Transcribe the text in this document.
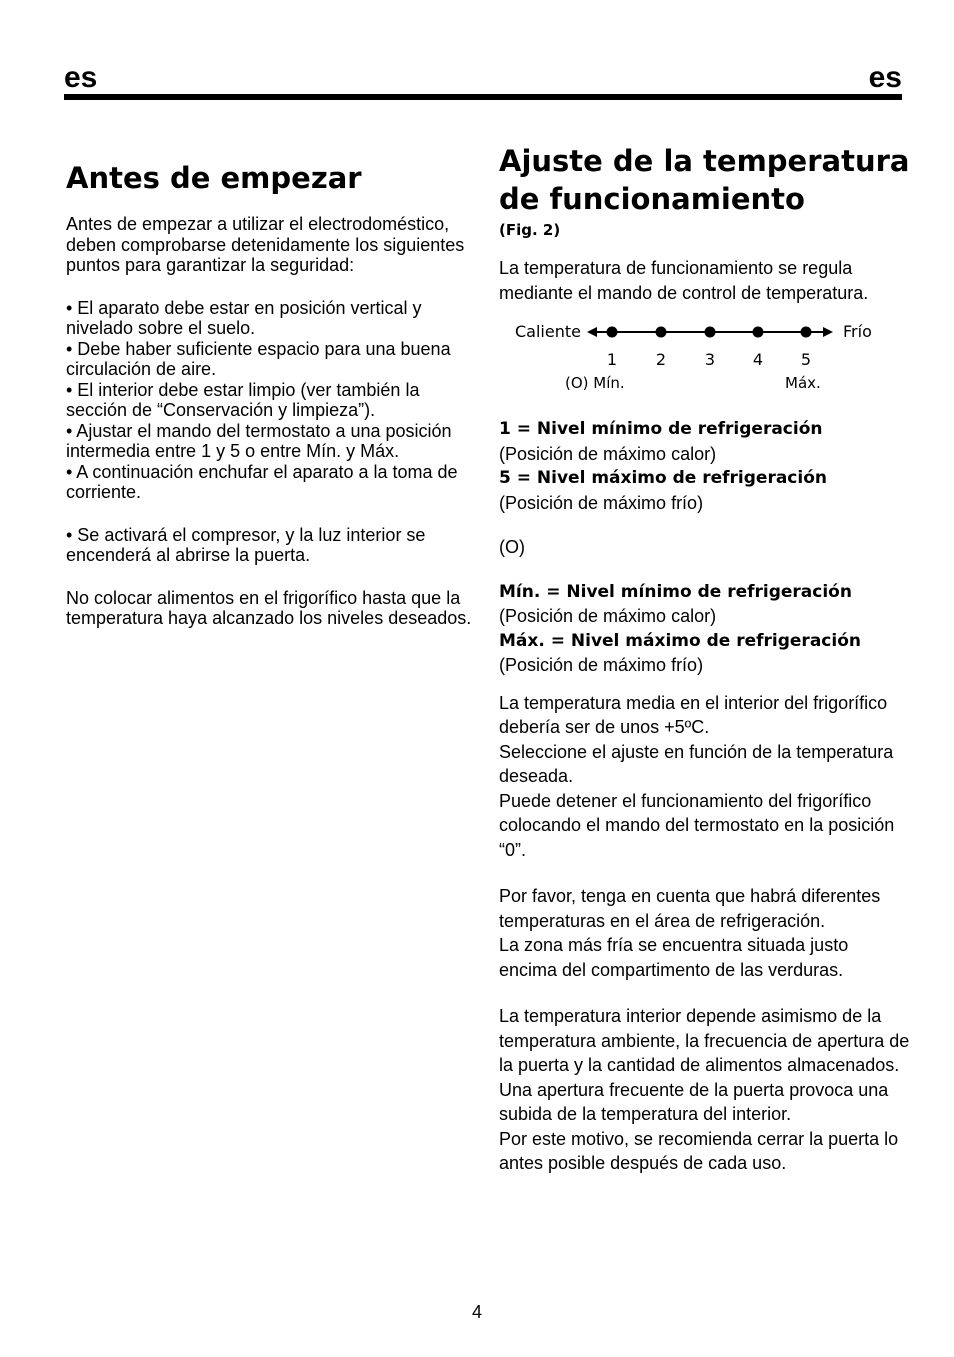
es	es
Antes de empezar

Antes de empezar a utilizar el electrodoméstico, deben comprobarse detenidamente los siguientes puntos para garantizar la seguridad:

• El aparato debe estar en posición vertical y nivelado sobre el suelo.

• Debe haber suficiente espacio para una buena circulación de aire.

• El interior debe estar limpio (ver también la sección de “Conservación y limpieza”).

• Ajustar el mando del termostato a una posición intermedia entre 1 y 5 o entre Mín. y Máx.

• A continuación enchufar el aparato a la toma de corriente.

• Se activará el compresor, y la luz interior se encenderá al abrirse la puerta.

No colocar alimentos en el frigorífico hasta que la temperatura haya alcanzado los niveles deseados.

Ajuste de la temperatura de funcionamiento
(Fig. 2)

La temperatura de funcionamiento se regula mediante el mando de control de temperatura.

Caliente	Frío
1	2	3	4	5
(O) Mín.	Máx.

1 = Nivel mínimo de refrigeración

(Posición de máximo calor)

5 = Nivel máximo de refrigeración

(Posición de máximo frío)

(O)

Mín. = Nivel mínimo de refrigeración

(Posición de máximo calor)

Máx. = Nivel máximo de refrigeración

(Posición de máximo frío)

La temperatura media en el interior del frigorífico debería ser de unos +5ºC.

Seleccione el ajuste en función de la temperatura deseada.

Puede detener el funcionamiento del frigorífico colocando el mando del termostato en la posición “0”.

Por favor, tenga en cuenta que habrá diferentes temperaturas en el área de refrigeración.

La zona más fría se encuentra situada justo encima del compartimento de las verduras.

La temperatura interior depende asimismo de la temperatura ambiente, la frecuencia de apertura de la puerta y la cantidad de alimentos almacenados.

Una apertura frecuente de la puerta provoca una subida de la temperatura del interior.

Por este motivo, se recomienda cerrar la puerta lo antes posible después de cada uso.

4
